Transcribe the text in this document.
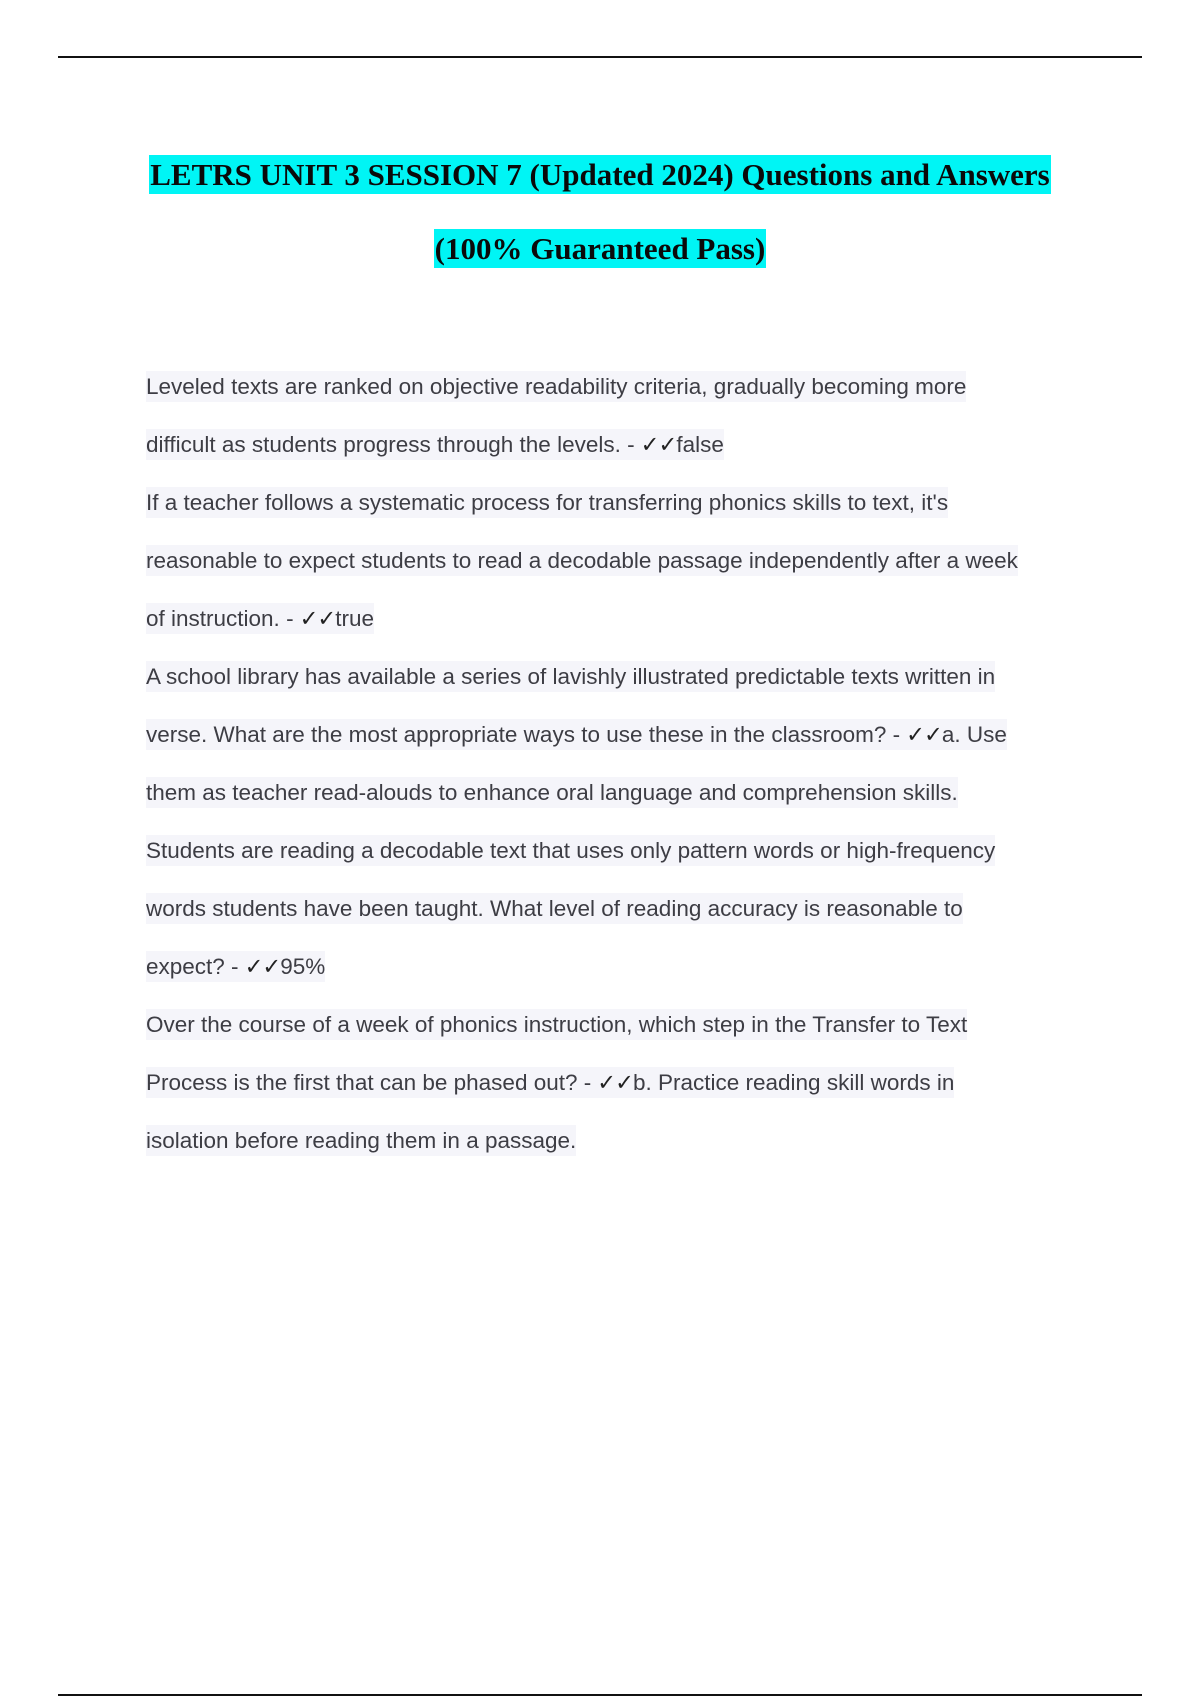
LETRS UNIT 3 SESSION 7 (Updated 2024) Questions and Answers
(100% Guaranteed Pass)
Leveled texts are ranked on objective readability criteria, gradually becoming more
difficult as students progress through the levels. - ✓✓false
If a teacher follows a systematic process for transferring phonics skills to text, it's
reasonable to expect students to read a decodable passage independently after a week
of instruction. - ✓✓true
A school library has available a series of lavishly illustrated predictable texts written in
verse. What are the most appropriate ways to use these in the classroom? - ✓✓a. Use
them as teacher read-alouds to enhance oral language and comprehension skills.
Students are reading a decodable text that uses only pattern words or high-frequency
words students have been taught. What level of reading accuracy is reasonable to
expect? - ✓✓95%
Over the course of a week of phonics instruction, which step in the Transfer to Text
Process is the first that can be phased out? - ✓✓b. Practice reading skill words in
isolation before reading them in a passage.
